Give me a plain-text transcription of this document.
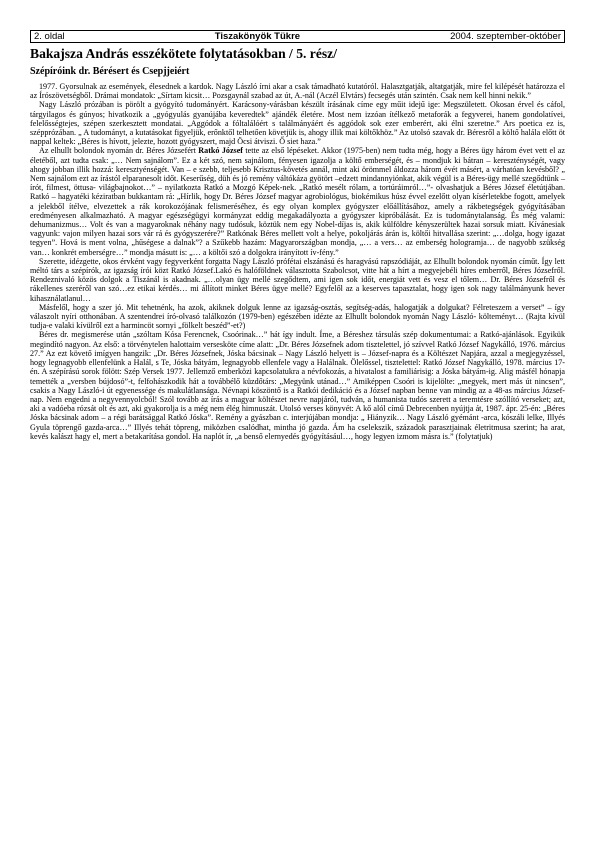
2. oldal	Tiszakönyök Tükre	2004. szeptember-október
Bakajsza András esszékötete folytatásokban / 5. rész/
Szépíróink dr. Bérésert és Csepjjeiért

1977. Gyorsulnak az események, élesednek a kardok. Nagy László írni akar a csak támadható kutatóról. Halasztgatják, altatgatják, mire fel kilépését határozza el az Írószövetségből. Drámai mondatok: „Sírtam kicsit… Pozsgaynál szabad az út, A.-nál (Aczél Elvtárs) fecsegés után szintén. Csak nem kell hinni nekik.”

Nagy László prózában is pörölt a gyógyító tudományért. Karácsony-várásban készült írásának címe egy műit idejű ige: Megszületett. Okosan érvel és cáfol, tárgyilagos és gúnyos; hivatkozik a „gyógyulás gyanújába keveredtek” ajándék életére. Most nem izzóan ítélkező metaforák a fegyverei, hanem gondolatívei, felelősségtejes, szépen szerkesztett mondatai. „Aggódok a fóltalálóért s találmányáért és aggódok sok ezer emberért, aki élni szeretne.” Ars poetica ez is, szépprózában. „ A tudományt, a kutatásokat figyeljük, erőnktől telhetően követjük is, ahogy illik mai költőkhöz.” Az utolsó szavak dr. Béresről a költő halála előtt öt nappal keltek: „Béres is hívott, jelezte, hozott gyógyszert, majd Öcsi átviszi. Ő siet haza.”

Az elhullt bolondok nyomán dr. Béres Józsefért Ratkó József tette az első lépéseket. Akkor (1975-ben) nem tudta még, hogy a Béres ügy három évet vett el az életéből, azt tudta csak: „… Nem sajnálom”. Ez a két szó, nem sajnálom, fényesen igazolja a költő emberségét, és – mondjuk ki bátran – kereszténységét, vagy ahogy jobban illik hozzá: keresztyénségét. Van – e szebb, teljesebb Krisztus-követés annál, mint aki örömmel áldozza három évét másért, a várhatóan kevésből? „ Nem sajnálom ezt az írástól elparanesolt időt. Keserűség, düh és jó remény váltókáza gyötört –edzett mindannyiónkat, akik végül is a Béres-ügy mellé szegődtünk – írót, filmest, öttusa- világbajnokot…” – nyilatkozta Ratkó a Mozgó Képek-nek. „Ratkó mesélt rólam, a tortúráimról…”- olvashatjuk a Béres József életútjában. Ratkó – hagyatéki kéziratban bukkantam rá: „Hírlik, hogy Dr. Béres József magyar agrobiológus, biokémikus húsz évvel ezelőtt olyan kísérletekbe fogott, amelyek a jelekből ítélve, elvezettek a rák korokozójának felismeréséhez, és egy olyan komplex gyógyszer előállításához, amely a rákbetegségek gyógyításában eredményesen alkalmazható. A magyar egészségügyi kormányzat eddig megakadályozta a gyógyszer kipróbálását. Ez is tudománytalanság. És még valami: dehumanizmus… Volt és van a magyaroknak néhány nagy tudósuk, köztük nem egy Nobel-díjas is, akik külföldre kényszerültek hazai sorsuk miatt. Kívánesiak vagyunk: vajon milyen hazai sors vár rá és gyógyszerére?” Ratkónak Béres mellett volt a helye, pokoljárás árán is, költői hitvallása szerint: „…dolga, hogy igazat tegyen”. Hová is ment volna, „hűségese a dalnak”? a Szűkebb hazám: Magyarországban mondja, „… a vers… az emberség hologramja… de nagyobb szükség van… konkrét emberségre…” mondja másutt is: „… a költői szó a dolgokra irányított ív-fény.”

Szerette, idézgette, okos érvként vagy fegyverként forgatta Nagy László prófétai elszánású és haragvású rapszódiáját, az Elhullt bolondok nyomán címűt. Így lett méltó társ a szépírók, az igazság írói közt Ratkó József.Lakó és halóföldnek választotta Szabolcsot, vitte hát a hírt a megyejebéli híres emberről, Béres Józsefről. Rendeznivaló közös dolgok a Tiszánál is akadnak. „…olyan ügy mellé szegődtem, ami igen sok időt, energiát vett és vesz el tőlem… Dr. Béres Józsefről és rákellenes szeréről van szó…ez etikai kérdés… mi állított minket Béres ügye mellé? Egyfelől az a keserves tapasztalat, hogy igen sok nagy találmányunk hever kihasználatlanul…

Másfelől, hogy a szer jó. Mit tehetnénk, ha azok, akiknek dolguk lenne az igazság-osztás, segítség-adás, halogatják a dolgukat? Félreteszem a verset” – így válaszolt nyíri otthonában. A szentendrei író-olvasó találkozón (1979-ben) egészében idézte az Elhullt bolondok nyomán Nagy László- költeményt… (Rajta kívül tudja-e valaki kívülről ezt a harmincöt sornyi „fölkelt beszéd”-et?)

Béres dr. megismerése után „szóltam Kósa Ferencnek, Csoórinak…” hát így indult. Íme, a Béreshez társulás szép dokumentumai: a Ratkó-ajánlások. Egyikük megindító nagyon. Az első: a törvénytelen halottaim versesköte címe alatt: „Dr. Béres Józsefnek adom tisztelettel, jó szívvel Ratkó József Nagykálló, 1976. március 27.” Az ezt követő imígyen hangzik: „Dr. Béres Józsefnek, Jóska bácsinak – Nagy László helyett is – József-napra és a Költészet Napjára, azzal a megjegyzéssel, hogy legnagyobb ellenfelünk a Halál, s Te, Jóska bátyám, legnagyobb ellenfele vagy a Halálnak. Ölelőssel, tisztelettel: Ratkó József Nagykálló, 1978. március 17-én. A szépírású sorok fölött: Szép Versek 1977. Jellemző emberközi kapcsolatukra a névfokozás, a hivatalost a familiárisig: a Jóska bátyám-ig. Alig másfél hónapja temették a „versben bújdosó”-t, felfohászkodik hát a továbbélő küzdőtárs: „Megyünk utánad…” Amiképpen Csoóri is kijelölte: „megyek, mert más út nincsen”, csakis a Nagy László-i út egyenessége és makulátlansága. Névnapi köszöntő is a Ratkói dedikáció és a József napban benne van mindig az a 48-as március József-nap. Nem engedni a negyvennyolcból! Szól tovább az írás a magyar költészet nevre napjáról, tudván, a humanista tudós szerett a teremtésre szóllító verseket; azt, aki a vadóeba rózsát olt és azt, aki gyakorolja is a még nem élég himnuszát. Utolsó verses könyvét: A kő alól című Debrecenben nyújtja át, 1987. ápr. 25-én: „Béres Jóska bácsinak adom – a régi barátsággal Ratkó Jóska”. Remény a gyászban c. interjújában mondja: „ Hiányzik… Nagy László gyémánt -arca, kószáli lelke, Illyés Gyula töprengő gazda-arca…” Illyés tehát töpreng, miközben csalódhat, mintha jó gazda. Ám ha cselekszik, századok parasztjainak életritmusa szerint; ha arat, kevés kalászt hagy el, mert a betakarítása gondol. Ha naplót ír, „a benső elernyedés gyógyításául…, hogy legyen izmom másra is.” (folytatjuk)
